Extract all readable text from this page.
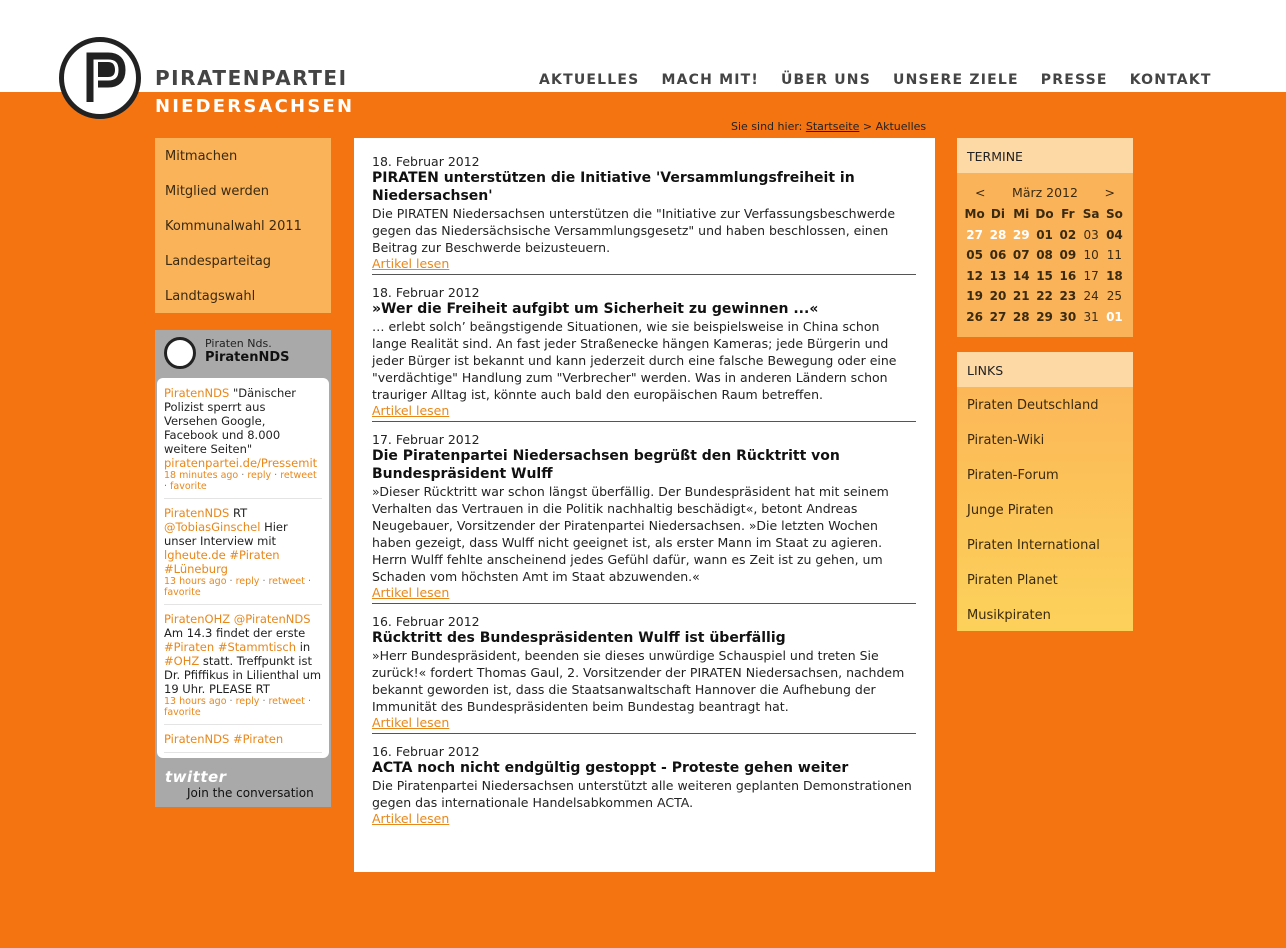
PIRATENPARTEI
NIEDERSACHSEN
AKTUELLES MACH MIT! ÜBER UNS UNSERE ZIELE PRESSE KONTAKT
Sie sind hier: Startseite > Aktuelles
Mitmachen
Mitglied werden
Kommunalwahl 2011
Landesparteitag
Landtagswahl
Piraten Nds.
PiratenNDS
PiratenNDS "Dänischer Polizist sperrt aus Versehen Google, Facebook und 8.000 weitere Seiten" piratenpartei.de/Pressemit
18 minutes ago · reply · retweet · favorite
PiratenNDS RT @TobiasGinschel Hier unser Interview mit lgheute.de #Piraten #Lüneburg
13 hours ago · reply · retweet · favorite
PiratenOHZ @PiratenNDS Am 14.3 findet der erste #Piraten #Stammtisch in #OHZ statt. Treffpunkt ist Dr. Pfiffikus in Lilienthal um 19 Uhr. PLEASE RT
13 hours ago · reply · retweet · favorite
PiratenNDS #Piraten
twitter
Join the conversation
18. Februar 2012
PIRATEN unterstützen die Initiative 'Versammlungsfreiheit in Niedersachsen'
Die PIRATEN Niedersachsen unterstützen die "Initiative zur Verfassungsbeschwerde gegen das Niedersächsische Versammlungsgesetz" und haben beschlossen, einen Beitrag zur Beschwerde beizusteuern.
Artikel lesen
18. Februar 2012
»Wer die Freiheit aufgibt um Sicherheit zu gewinnen ...«
… erlebt solch’ beängstigende Situationen, wie sie beispielsweise in China schon lange Realität sind. An fast jeder Straßenecke hängen Kameras; jede Bürgerin und jeder Bürger ist bekannt und kann jederzeit durch eine falsche Bewegung oder eine "verdächtige" Handlung zum "Verbrecher" werden. Was in anderen Ländern schon trauriger Alltag ist, könnte auch bald den europäischen Raum betreffen.
Artikel lesen
17. Februar 2012
Die Piratenpartei Niedersachsen begrüßt den Rücktritt von Bundespräsident Wulff
»Dieser Rücktritt war schon längst überfällig. Der Bundespräsident hat mit seinem Verhalten das Vertrauen in die Politik nachhaltig beschädigt«, betont Andreas Neugebauer, Vorsitzender der Piratenpartei Niedersachsen. »Die letzten Wochen haben gezeigt, dass Wulff nicht geeignet ist, als erster Mann im Staat zu agieren. Herrn Wulff fehlte anscheinend jedes Gefühl dafür, wann es Zeit ist zu gehen, um Schaden vom höchsten Amt im Staat abzuwenden.«
Artikel lesen
16. Februar 2012
Rücktritt des Bundespräsidenten Wulff ist überfällig
»Herr Bundespräsident, beenden sie dieses unwürdige Schauspiel und treten Sie zurück!« fordert Thomas Gaul, 2. Vorsitzender der PIRATEN Niedersachsen, nachdem bekannt geworden ist, dass die Staatsanwaltschaft Hannover die Aufhebung der Immunität des Bundespräsidenten beim Bundestag beantragt hat.
Artikel lesen
16. Februar 2012
ACTA noch nicht endgültig gestoppt - Proteste gehen weiter
Die Piratenpartei Niedersachsen unterstützt alle weiteren geplanten Demonstrationen gegen das internationale Handelsabkommen ACTA.
Artikel lesen
TERMINE
< März 2012 >
Mo	Di	Mi	Do	Fr	Sa	So
27	28	29	01	02	03	04
05	06	07	08	09	10	11
12	13	14	15	16	17	18
19	20	21	22	23	24	25
26	27	28	29	30	31	01
LINKS
Piraten Deutschland
Piraten-Wiki
Piraten-Forum
Junge Piraten
Piraten International
Piraten Planet
Musikpiraten
